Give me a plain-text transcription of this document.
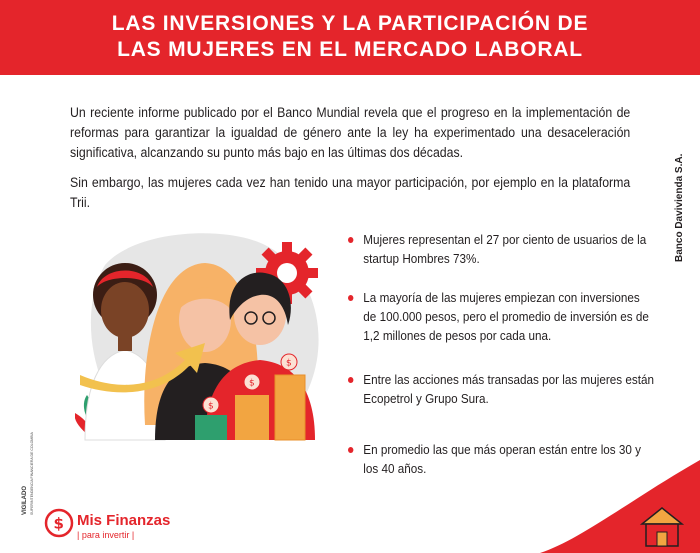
LAS INVERSIONES Y LA PARTICIPACIÓN DE
LAS MUJERES EN EL MERCADO LABORAL

Un reciente informe publicado por el Banco Mundial revela que el progreso en la implementación de reformas para garantizar la igualdad de género ante la ley ha experimentado una desaceleración significativa, alcanzando su punto más bajo en las últimas dos décadas.

Sin embargo, las mujeres cada vez han tenido una mayor participación, por ejemplo en la plataforma Trii.	Banco Davivienda S.A.
$
$
$
Mujeres representan el 27 por ciento de usuarios de la startup Hombres 73%.
La mayoría de las mujeres empiezan con inversiones de 100.000 pesos, pero el promedio de inversión es de 1,2 millones de pesos por cada una.
Entre las acciones más transadas por las mujeres están Ecopetrol y Grupo Sura.
En promedio las que más operan están entre los 30 y los 40 años.
VIGILADO SUPERINTENDENCIA FINANCIERA DE COLOMBIA
$ Mis Finanzas
| para invertir |
